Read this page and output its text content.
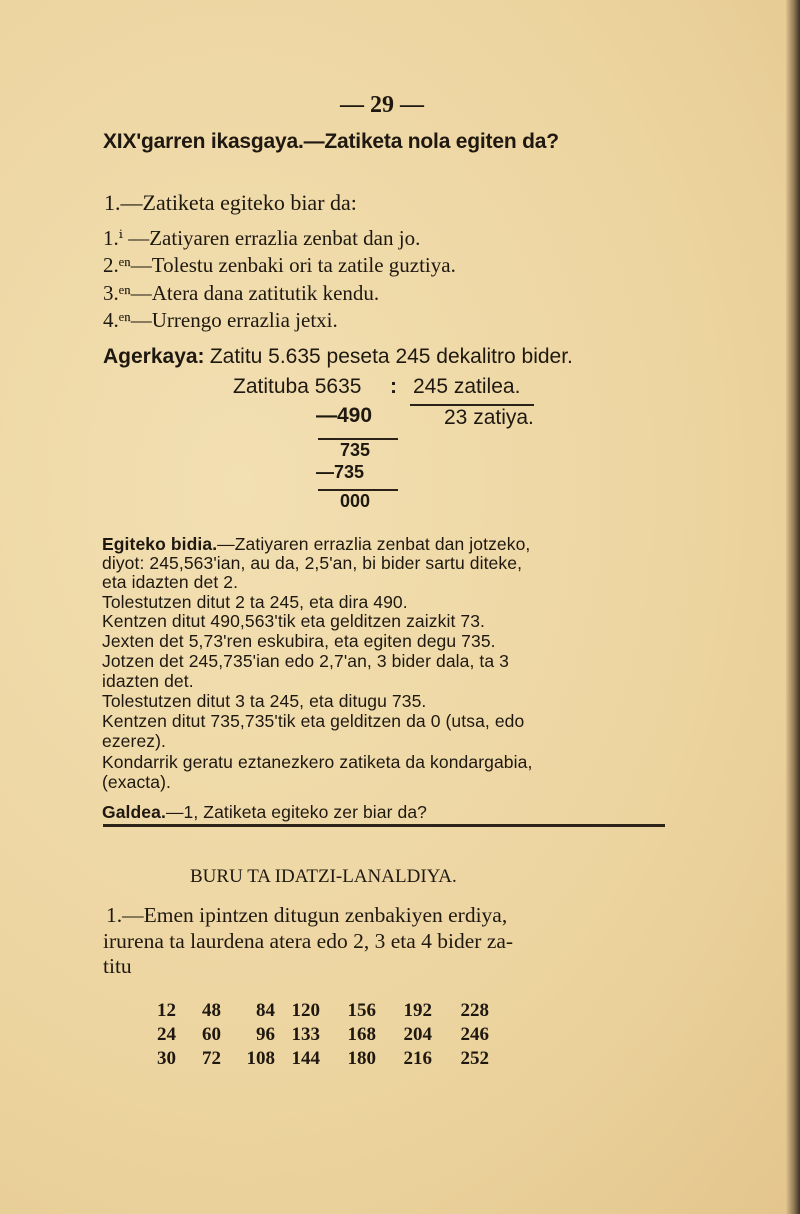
— 29 —
XIX'garren ikasgaya.—Zatiketa nola egiten da?
1.—Zatiketa egiteko biar da:
1.ⁱ —Zatiyaren errazlia zenbat dan jo.
2.ᵉⁿ—Tolestu zenbaki ori ta zatile guztiya.
3.ᵉⁿ—Atera dana zatitutik kendu.
4.ᵉⁿ—Urrengo errazlia jetxi.
Agerkaya: Zatitu 5.635 peseta 245 dekalitro bider.
Zatituba 5635 : 245 zatilea.
—490	23 zatiya.
735
—735
000
Egiteko bidia.—Zatiyaren errazlia zenbat dan jotzeko,
diyot: 245,563'ian, au da, 2,5'an, bi bider sartu diteke,
eta idazten det 2.
Tolestutzen ditut 2 ta 245, eta dira 490.
Kentzen ditut 490,563'tik eta gelditzen zaizkit 73.
Jexten det 5,73'ren eskubira, eta egiten degu 735.
Jotzen det 245,735'ian edo 2,7'an, 3 bider dala, ta 3
idazten det.
Tolestutzen ditut 3 ta 245, eta ditugu 735.
Kentzen ditut 735,735'tik eta gelditzen da 0 (utsa, edo
ezerez).
Kondarrik geratu eztanezkero zatiketa da kondargabia,
(exacta).
Galdea.—1, Zatiketa egiteko zer biar da?
BURU TA IDATZI-LANALDIYA.
1.—Emen ipintzen ditugun zenbakiyen erdiya,
irurena ta laurdena atera edo 2, 3 eta 4 bider za-
titu
12 48 84 120 156 192 228
24 60 96 133 168 204 246
30 72 108 144 180 216 252
